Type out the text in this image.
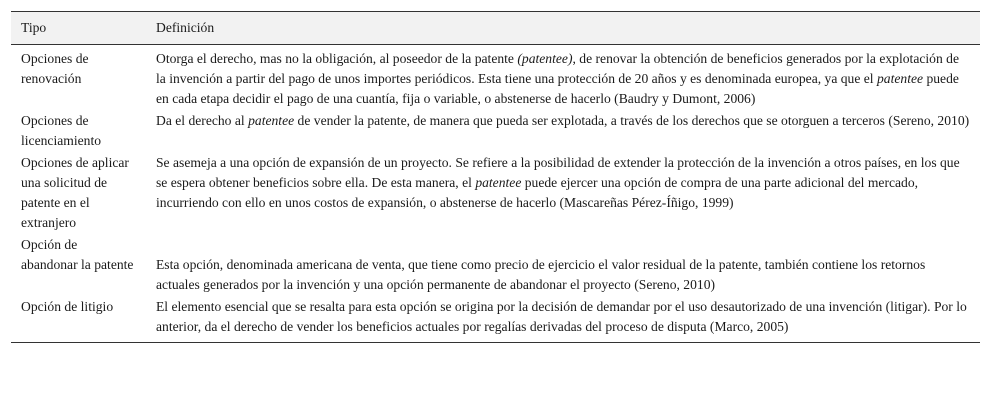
Tipo	Definición
Opciones de renovación	Otorga el derecho, mas no la obligación, al poseedor de la patente (patentee), de renovar la obtención de beneficios generados por la explotación de la invención a partir del pago de unos importes periódicos. Esta tiene una protección de 20 años y es denominada europea, ya que el patentee puede en cada etapa decidir el pago de una cuantía, fija o variable, o abstenerse de hacerlo (Baudry y Dumont, 2006)
Opciones de licenciamiento	Da el derecho al patentee de vender la patente, de manera que pueda ser explotada, a través de los derechos que se otorguen a terceros (Sereno, 2010)
Opciones de aplicar una solicitud de patente en el extranjero	Se asemeja a una opción de expansión de un proyecto. Se refiere a la posibilidad de extender la protección de la invención a otros países, en los que se espera obtener beneficios sobre ella. De esta manera, el patentee puede ejercer una opción de compra de una parte adicional del mercado, incurriendo con ello en unos costos de expansión, o abstenerse de hacerlo (Mascareñas Pérez-Íñigo, 1999)
Opción de abandonar la patente	Esta opción, denominada americana de venta, que tiene como precio de ejercicio el valor residual de la patente, también contiene los retornos actuales generados por la invención y una opción permanente de abandonar el proyecto (Sereno, 2010)
Opción de litigio	El elemento esencial que se resalta para esta opción se origina por la decisión de demandar por el uso desautorizado de una invención (litigar). Por lo anterior, da el derecho de vender los beneficios actuales por regalías derivadas del proceso de disputa (Marco, 2005)
